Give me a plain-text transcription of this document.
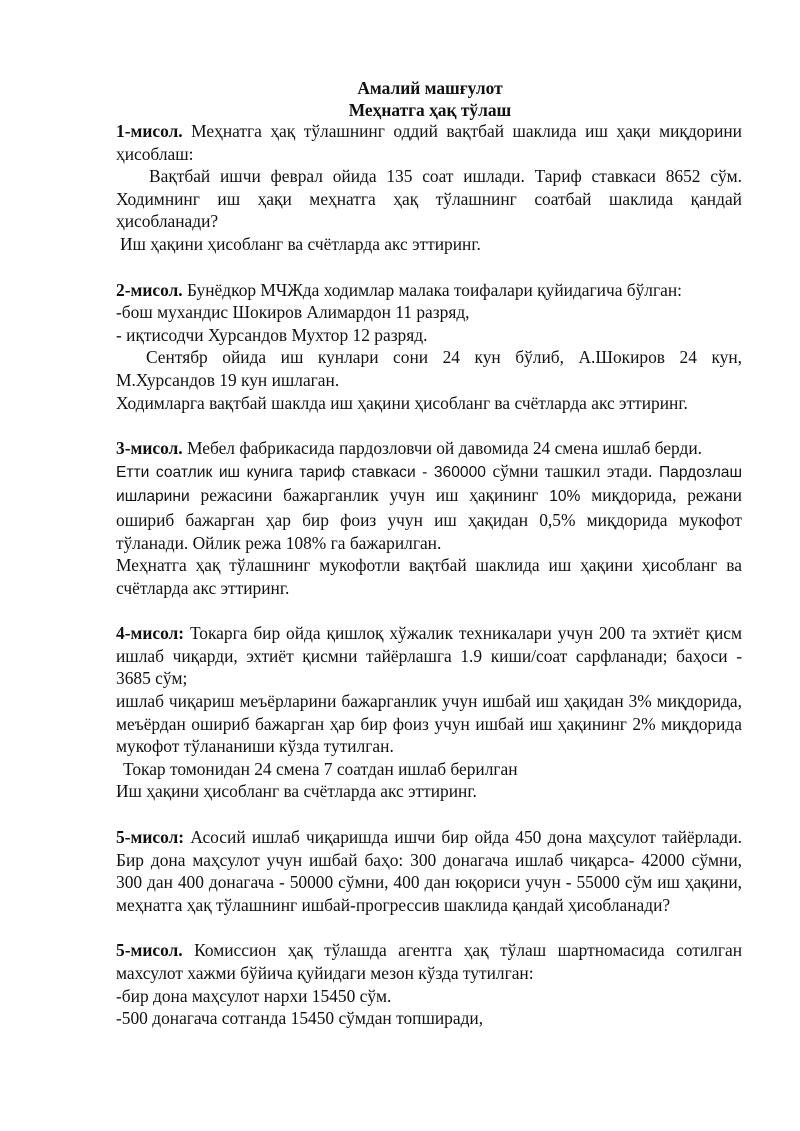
Амалий машғулот

Меҳнатга ҳақ тўлаш

1-мисол. Меҳнатга ҳақ тўлашнинг оддий вақтбай шаклида иш ҳақи миқдорини ҳисоблаш:

Вақтбай ишчи феврал ойида 135 соат ишлади. Тариф ставкаси 8652 сўм. Ходимнинг иш ҳақи меҳнатга ҳақ тўлашнинг соатбай шаклида қандай ҳисобланади?

Иш ҳақини ҳисобланг ва счётларда акс эттиринг.

2-мисол. Бунёдкор МЧЖда ходимлар малака тоифалари қуйидагича бўлган:

-бош мухандис Шокиров Алимардон 11 разряд,

- иқтисодчи Хурсандов Мухтор 12 разряд.

Сентябр ойида иш кунлари сони 24 кун бўлиб, А.Шокиров 24 кун, М.Хурсандов 19 кун ишлаган.

Ходимларга вақтбай шаклда иш ҳақини ҳисобланг ва счётларда акс эттиринг.

3-мисол. Мебел фабрикасида пардозловчи ой давомида 24 смена ишлаб берди.

Етти соатлик иш кунига тариф ставкаси - 360000 сўмни ташкил этади. Пардозлаш ишларини режасини бажарганлик учун иш ҳақининг 10% миқдорида, режани ошириб бажарган ҳар бир фоиз учун иш ҳақидан 0,5% миқдорида мукофот тўланади. Ойлик режа 108% га бажарилган.

Меҳнатга ҳақ тўлашнинг мукофотли вақтбай шаклида иш ҳақини ҳисобланг ва счётларда акс эттиринг.

4-мисол: Токарга бир ойда қишлоқ хўжалик техникалари учун 200 та эхтиёт қисм ишлаб чиқарди, эхтиёт қисмни тайёрлашга 1.9 киши/соат сарфланади; баҳоси - 3685 сўм;

ишлаб чиқариш меъёрларини бажарганлик учун ишбай иш ҳақидан 3% миқдорида, меъёрдан ошириб бажарган ҳар бир фоиз учун ишбай иш ҳақининг 2% миқдорида мукофот тўлананиши кўзда тутилган.

Токар томонидан 24 смена 7 соатдан ишлаб берилган

Иш ҳақини ҳисобланг ва счётларда акс эттиринг.

5-мисол: Асосий ишлаб чиқаришда ишчи бир ойда 450 дона маҳсулот тайёрлади. Бир дона маҳсулот учун ишбай баҳо: 300 донагача ишлаб чиқарса- 42000 сўмни, 300 дан 400 донагача - 50000 сўмни, 400 дан юқориси учун - 55000 сўм иш ҳақини, меҳнатга ҳақ тўлашнинг ишбай-прогрессив шаклида қандай ҳисобланади?

5-мисол. Комиссион ҳақ тўлашда агентга ҳақ тўлаш шартномасида сотилган махсулот хажми бўйича қуйидаги мезон кўзда тутилган:

-бир дона маҳсулот нархи 15450 сўм.

-500 донагача сотганда 15450 сўмдан топширади,
